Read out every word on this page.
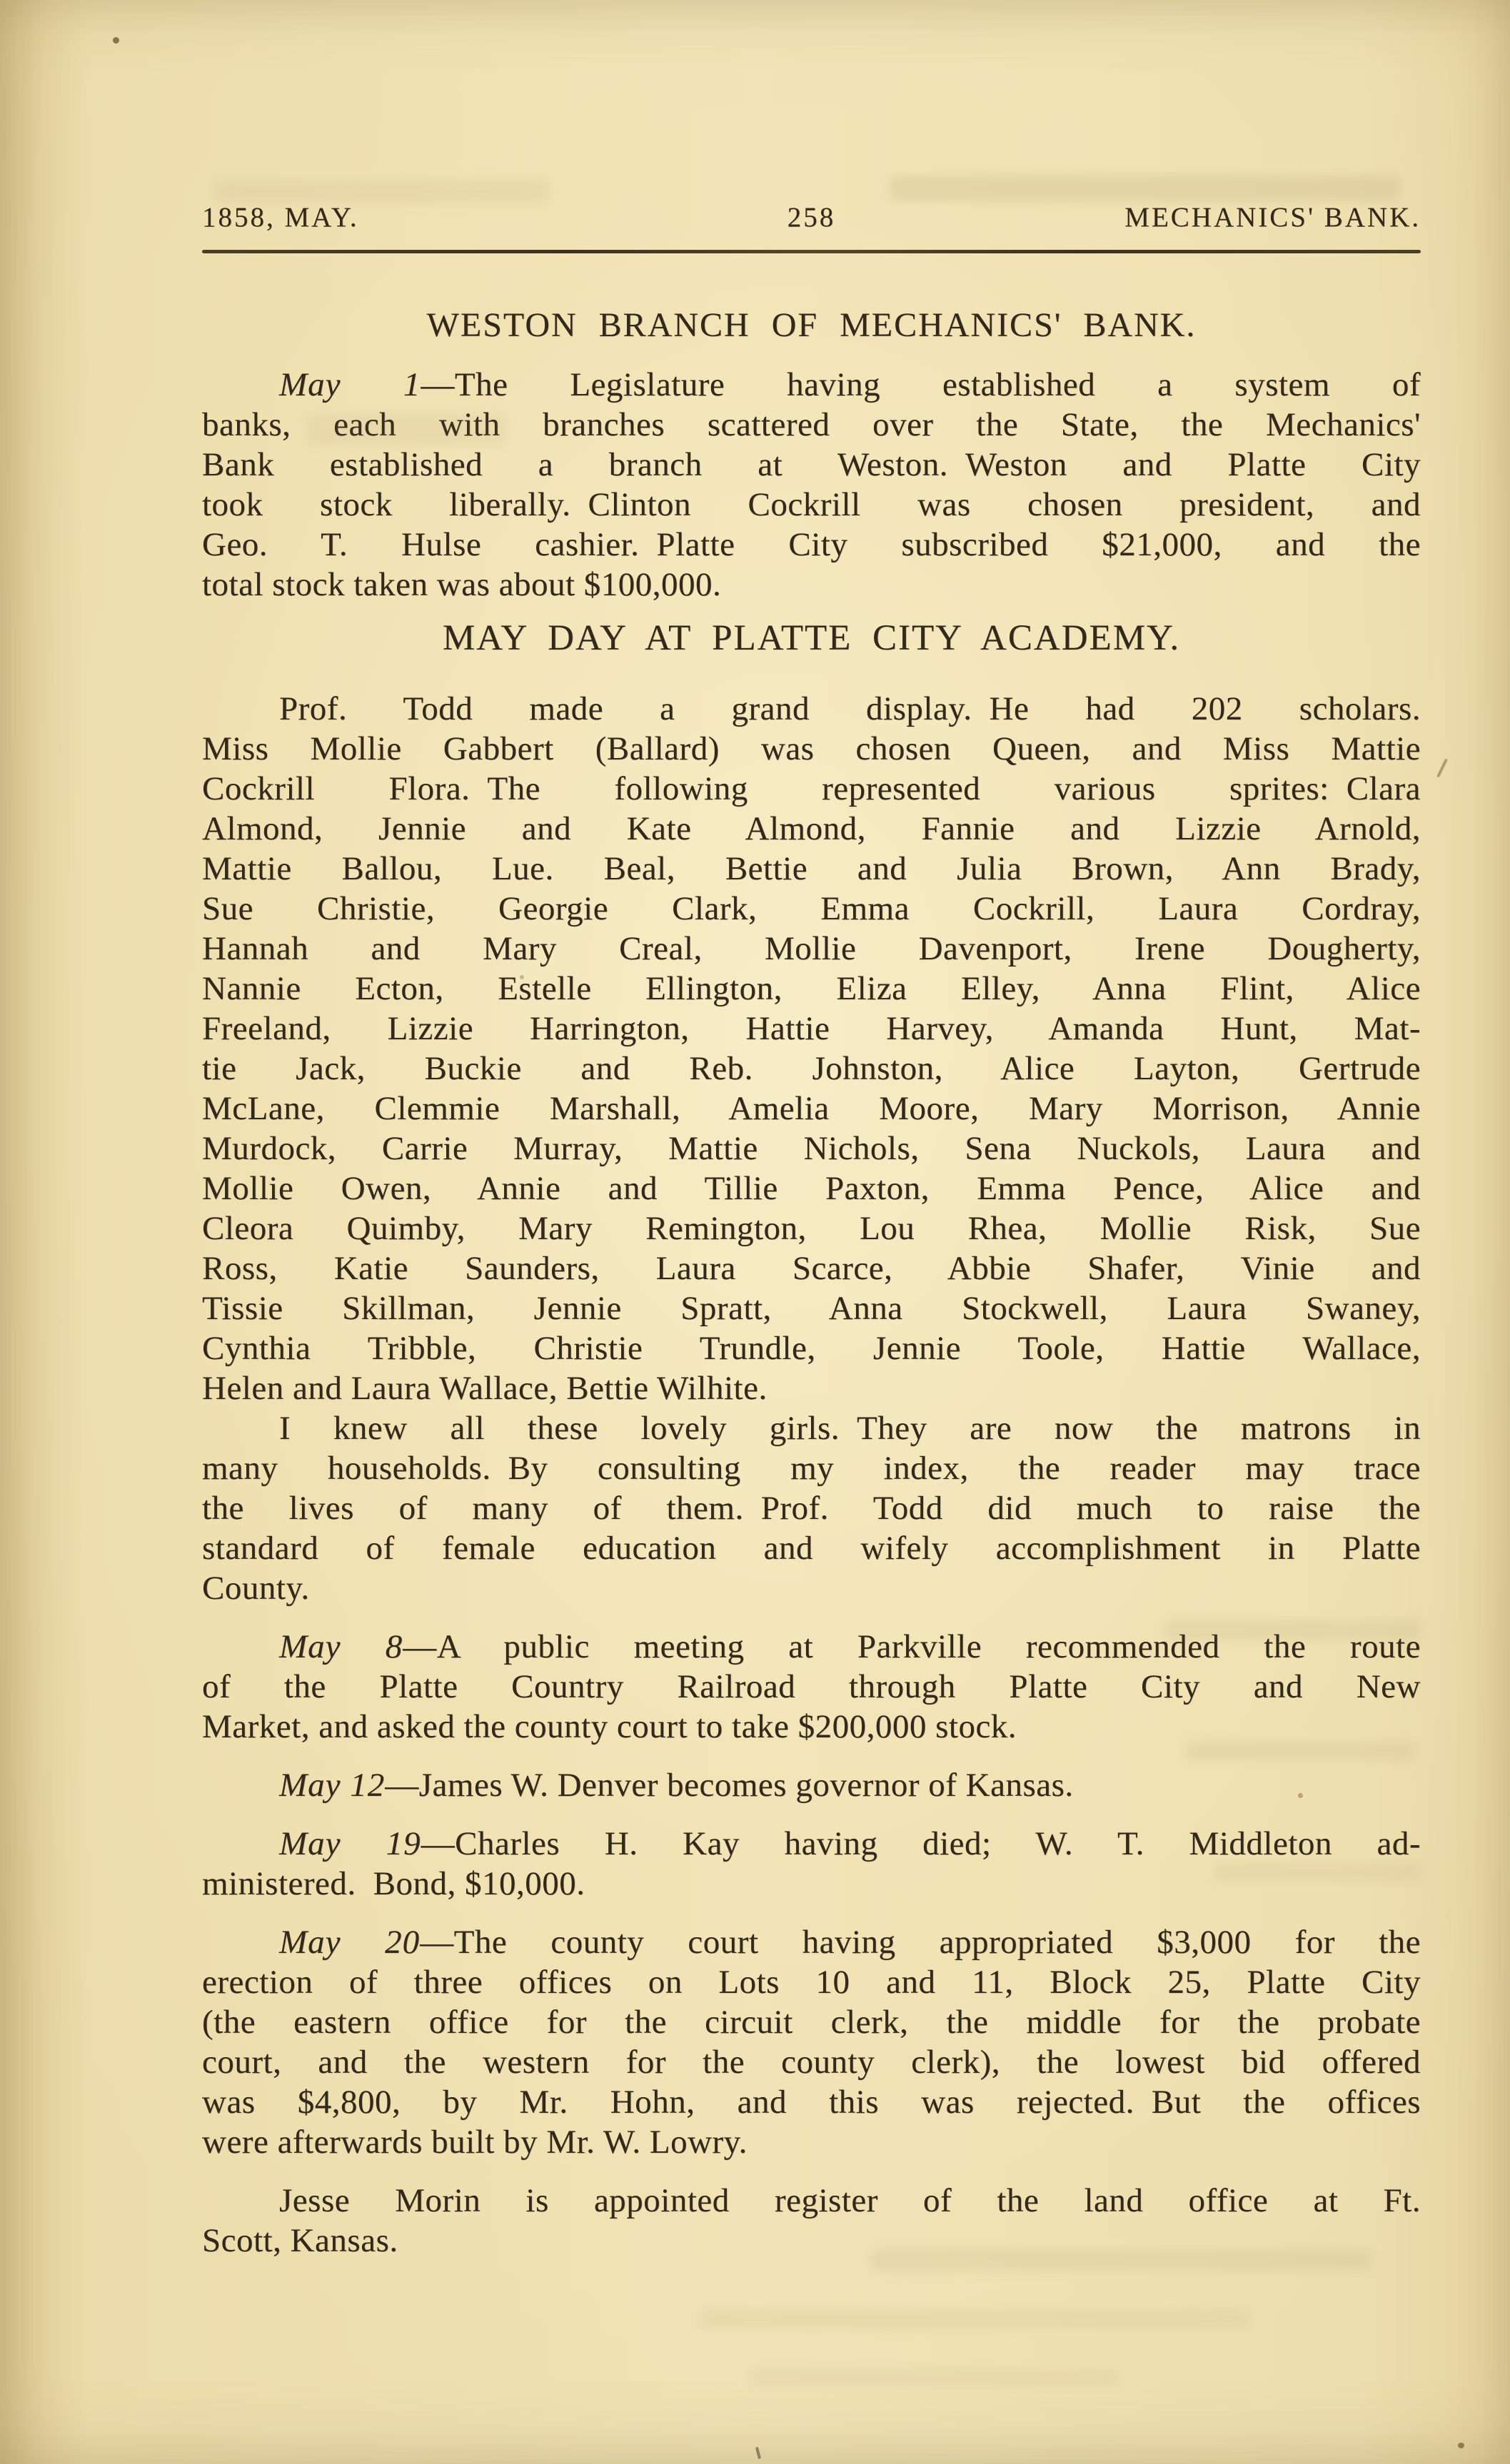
1858, MAY.	258	MECHANICS' BANK.
WESTON BRANCH OF MECHANICS' BANK.
May 1—The Legislature having established a system of
banks, each with branches scattered over the State, the Mechanics'
Bank established a branch at Weston. Weston and Platte City
took stock liberally. Clinton Cockrill was chosen president, and
Geo. T. Hulse cashier. Platte City subscribed $21,000, and the
total stock taken was about $100,000.
MAY DAY AT PLATTE CITY ACADEMY.
Prof. Todd made a grand display. He had 202 scholars.
Miss Mollie Gabbert (Ballard) was chosen Queen, and Miss Mattie
Cockrill Flora. The following represented various sprites: Clara
Almond, Jennie and Kate Almond, Fannie and Lizzie Arnold,
Mattie Ballou, Lue. Beal, Bettie and Julia Brown, Ann Brady,
Sue Christie, Georgie Clark, Emma Cockrill, Laura Cordray,
Hannah and Mary Creal, Mollie Davenport, Irene Dougherty,
Nannie Ecton, Estelle Ellington, Eliza Elley, Anna Flint, Alice
Freeland, Lizzie Harrington, Hattie Harvey, Amanda Hunt, Mat-
tie Jack, Buckie and Reb. Johnston, Alice Layton, Gertrude
McLane, Clemmie Marshall, Amelia Moore, Mary Morrison, Annie
Murdock, Carrie Murray, Mattie Nichols, Sena Nuckols, Laura and
Mollie Owen, Annie and Tillie Paxton, Emma Pence, Alice and
Cleora Quimby, Mary Remington, Lou Rhea, Mollie Risk, Sue
Ross, Katie Saunders, Laura Scarce, Abbie Shafer, Vinie and
Tissie Skillman, Jennie Spratt, Anna Stockwell, Laura Swaney,
Cynthia Tribble, Christie Trundle, Jennie Toole, Hattie Wallace,
Helen and Laura Wallace, Bettie Wilhite.
I knew all these lovely girls. They are now the matrons in
many households. By consulting my index, the reader may trace
the lives of many of them. Prof. Todd did much to raise the
standard of female education and wifely accomplishment in Platte
County.
May 8—A public meeting at Parkville recommended the route
of the Platte Country Railroad through Platte City and New
Market, and asked the county court to take $200,000 stock.
May 12—James W. Denver becomes governor of Kansas.
May 19—Charles H. Kay having died; W. T. Middleton ad-
ministered. Bond, $10,000.
May 20—The county court having appropriated $3,000 for the
erection of three offices on Lots 10 and 11, Block 25, Platte City
(the eastern office for the circuit clerk, the middle for the probate
court, and the western for the county clerk), the lowest bid offered
was $4,800, by Mr. Hohn, and this was rejected. But the offices
were afterwards built by Mr. W. Lowry.
Jesse Morin is appointed register of the land office at Ft.
Scott, Kansas.
